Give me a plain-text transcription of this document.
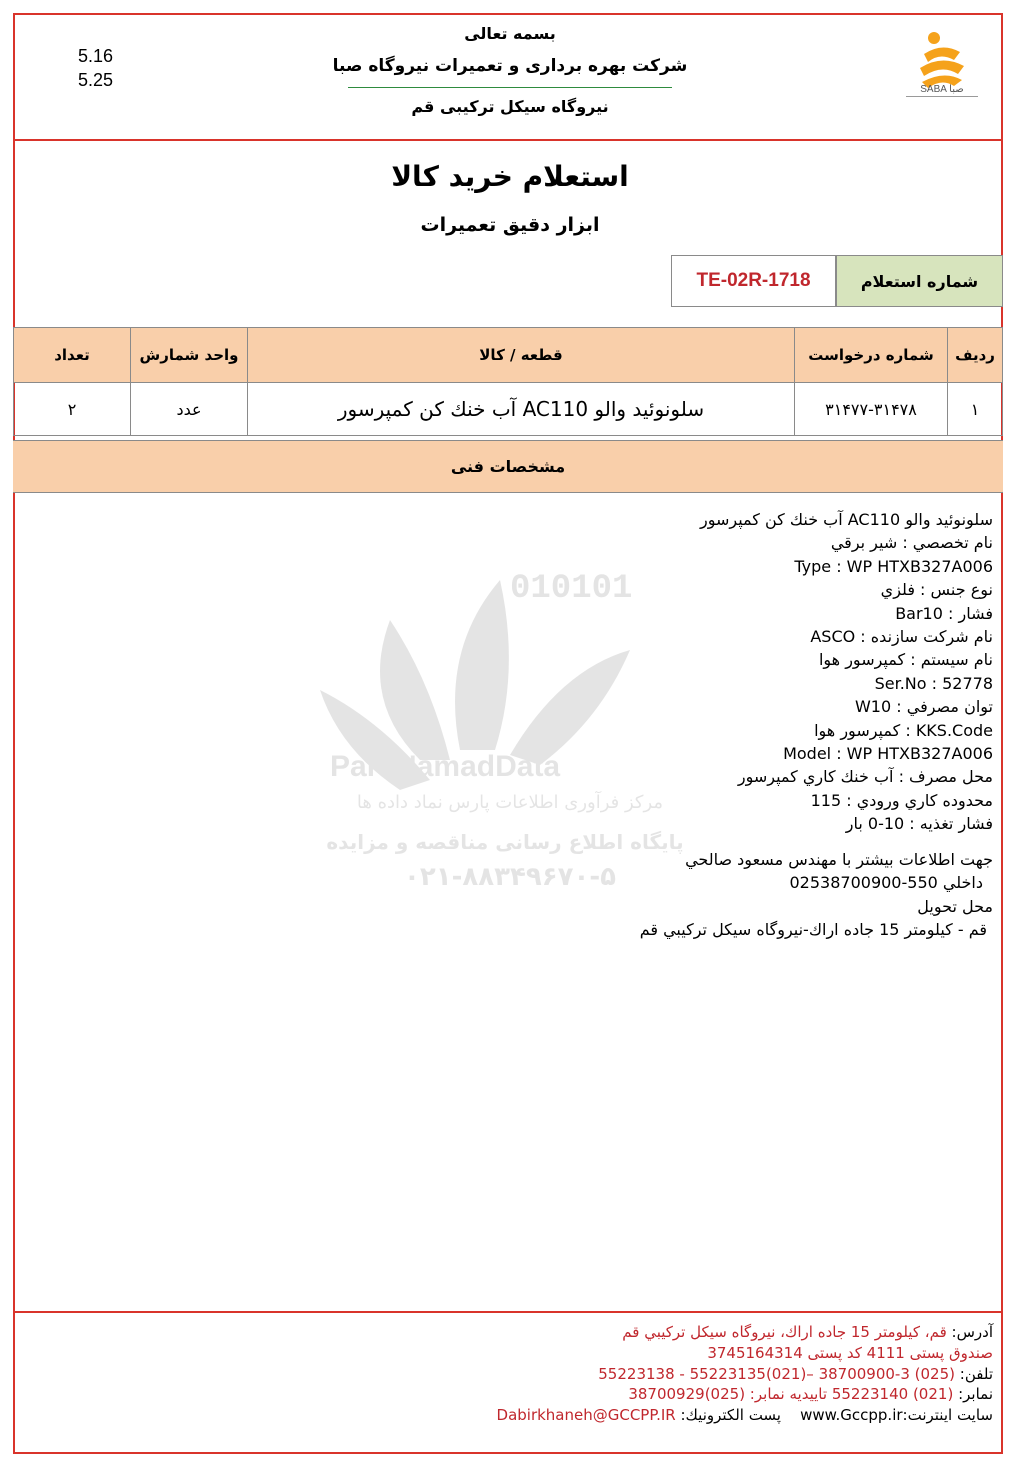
بسمه تعالی
شرکت بهره برداری و تعمیرات نیروگاه صبا
نیروگاه سیکل ترکیبی قم
5.16
5.25	SABA صبا
استعلام خرید کالا
ابزار دقیق تعمیرات
شماره استعلام
TE-02R-1718
ردیف	شماره درخواست	قطعه / کالا	واحد شمارش	تعداد
۱	۳۱۴۷۷-۳۱۴۷۸	سلونوئید والو AC110 آب خنك كن كمپرسور	عدد	۲
مشخصات فنی
010101
ParsNamadData
مرکز فرآوری اطلاعات پارس نماد داده ها
پایگاه اطلاع رسانی مناقصه و مزایده
۰۲۱-۸۸۳۴۹۶۷۰-۵
سلونوئيد والو AC110 آب خنك كن كمپرسور
نام تخصصي : شير برقي
Type : WP HTXB327A006
نوع جنس : فلزي
فشار : Bar10
نام شركت سازنده : ASCO
نام سيستم : كمپرسور هوا
Ser.No : 52778
توان مصرفي : W10
KKS.Code : كمپرسور هوا
Model : WP HTXB327A006
محل مصرف : آب خنك كاري كمپرسور
محدوده كاري ورودي : 115
فشار تغذيه : 10-0 بار
جهت اطلاعات بيشتر با مهندس مسعود صالحي
داخلي 550-02538700900
محل تحويل
قم - كيلومتر 15 جاده اراك-نيروگاه سيكل تركيبي قم
آدرس: قم، کیلومتر 15 جاده اراك، نيروگاه سيكل تركيبي قم
صندوق پستی 4111 کد پستی 3745164314
تلفن: (025) 3-38700900 –(021)55223135 - 55223138
نمابر: (021) 55223140 تاييديه نمابر: (025)38700929
سایت اینترنت:www.Gccpp.ir    پست الکترونیك: Dabirkhaneh@GCCPP.IR
